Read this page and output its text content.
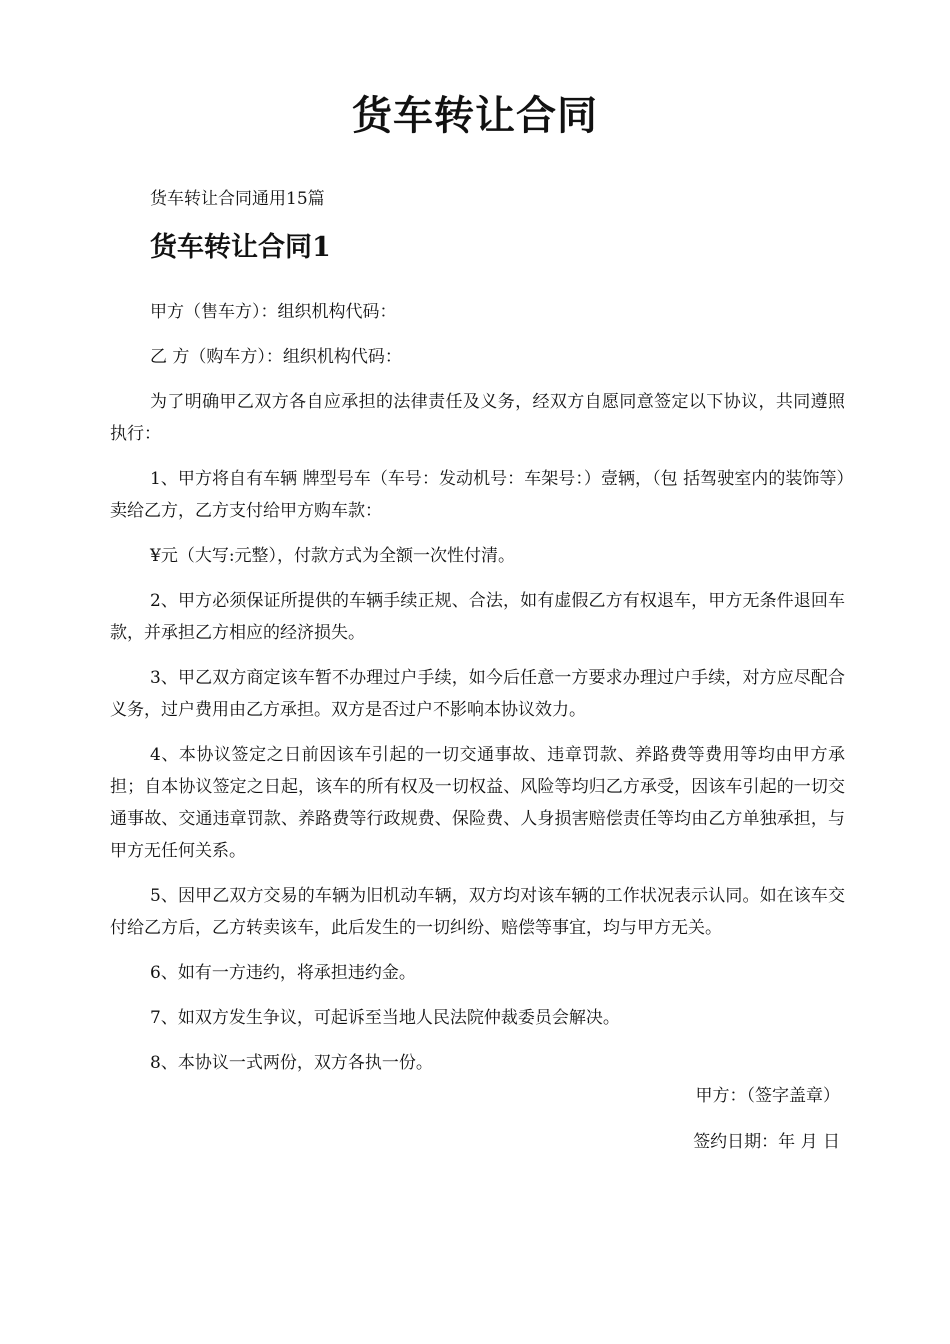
货车转让合同

货车转让合同通用15篇

货车转让合同1

甲方（售车方）：组织机构代码：

乙 方（购车方）：组织机构代码：

为了明确甲乙双方各自应承担的法律责任及义务，经双方自愿同意签定以下协议，共同遵照执行：

1、甲方将自有车辆 牌型号车（车号：发动机号：车架号：）壹辆，（包 括驾驶室内的装饰等）卖给乙方，乙方支付给甲方购车款：

¥元（大写:元整），付款方式为全额一次性付清。

2、甲方必须保证所提供的车辆手续正规、合法，如有虚假乙方有权退车，甲方无条件退回车款，并承担乙方相应的经济损失。

3、甲乙双方商定该车暂不办理过户手续，如今后任意一方要求办理过户手续，对方应尽配合义务，过户费用由乙方承担。双方是否过户不影响本协议效力。

4、本协议签定之日前因该车引起的一切交通事故、违章罚款、养路费等费用等均由甲方承担；自本协议签定之日起，该车的所有权及一切权益、风险等均归乙方承受，因该车引起的一切交通事故、交通违章罚款、养路费等行政规费、保险费、人身损害赔偿责任等均由乙方单独承担，与甲方无任何关系。

5、因甲乙双方交易的车辆为旧机动车辆，双方均对该车辆的工作状况表示认同。如在该车交付给乙方后，乙方转卖该车，此后发生的一切纠纷、赔偿等事宜，均与甲方无关。

6、如有一方违约，将承担违约金。

7、如双方发生争议，可起诉至当地人民法院仲裁委员会解决。

8、本协议一式两份，双方各执一份。

甲方：（签字盖章）

签约日期：年 月 日
